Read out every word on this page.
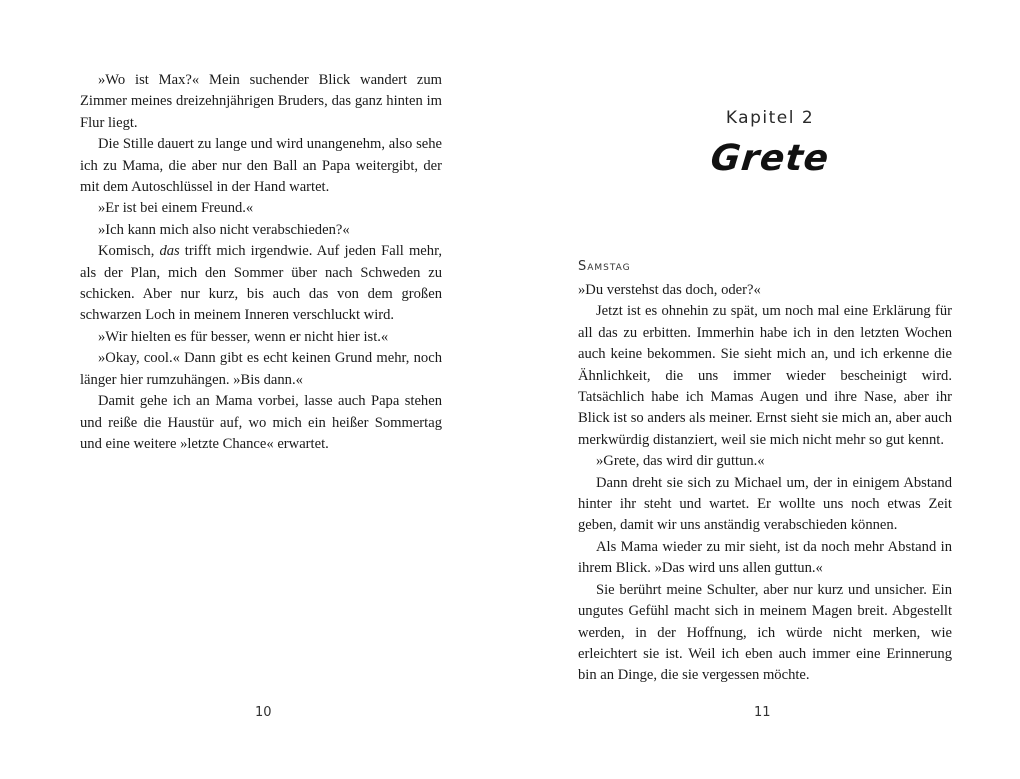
»Wo ist Max?« Mein suchender Blick wandert zum Zimmer meines dreizehnjährigen Bruders, das ganz hinten im Flur liegt.

Die Stille dauert zu lange und wird unangenehm, also sehe ich zu Mama, die aber nur den Ball an Papa weitergibt, der mit dem Autoschlüssel in der Hand wartet.

»Er ist bei einem Freund.«

»Ich kann mich also nicht verabschieden?«

Komisch, das trifft mich irgendwie. Auf jeden Fall mehr, als der Plan, mich den Sommer über nach Schweden zu schicken. Aber nur kurz, bis auch das von dem großen schwarzen Loch in meinem Inneren verschluckt wird.

»Wir hielten es für besser, wenn er nicht hier ist.«

»Okay, cool.« Dann gibt es echt keinen Grund mehr, noch länger hier rumzuhängen. »Bis dann.«

Damit gehe ich an Mama vorbei, lasse auch Papa stehen und reiße die Haustür auf, wo mich ein heißer Sommertag und eine weitere »letzte Chance« erwartet.

10
Kapitel 2
Grete
Samstag

»Du verstehst das doch, oder?«

Jetzt ist es ohnehin zu spät, um noch mal eine Erklärung für all das zu erbitten. Immerhin habe ich in den letzten Wochen auch keine bekommen. Sie sieht mich an, und ich erkenne die Ähnlichkeit, die uns immer wieder bescheinigt wird. Tatsächlich habe ich Mamas Augen und ihre Nase, aber ihr Blick ist so anders als meiner. Ernst sieht sie mich an, aber auch merkwürdig distanziert, weil sie mich nicht mehr so gut kennt.

»Grete, das wird dir guttun.«

Dann dreht sie sich zu Michael um, der in einigem Abstand hinter ihr steht und wartet. Er wollte uns noch etwas Zeit geben, damit wir uns anständig verabschieden können.

Als Mama wieder zu mir sieht, ist da noch mehr Abstand in ihrem Blick. »Das wird uns allen guttun.«

Sie berührt meine Schulter, aber nur kurz und unsicher. Ein ungutes Gefühl macht sich in meinem Magen breit. Abgestellt werden, in der Hoffnung, ich würde nicht merken, wie erleichtert sie ist. Weil ich eben auch immer eine Erinnerung bin an Dinge, die sie vergessen möchte.

11
